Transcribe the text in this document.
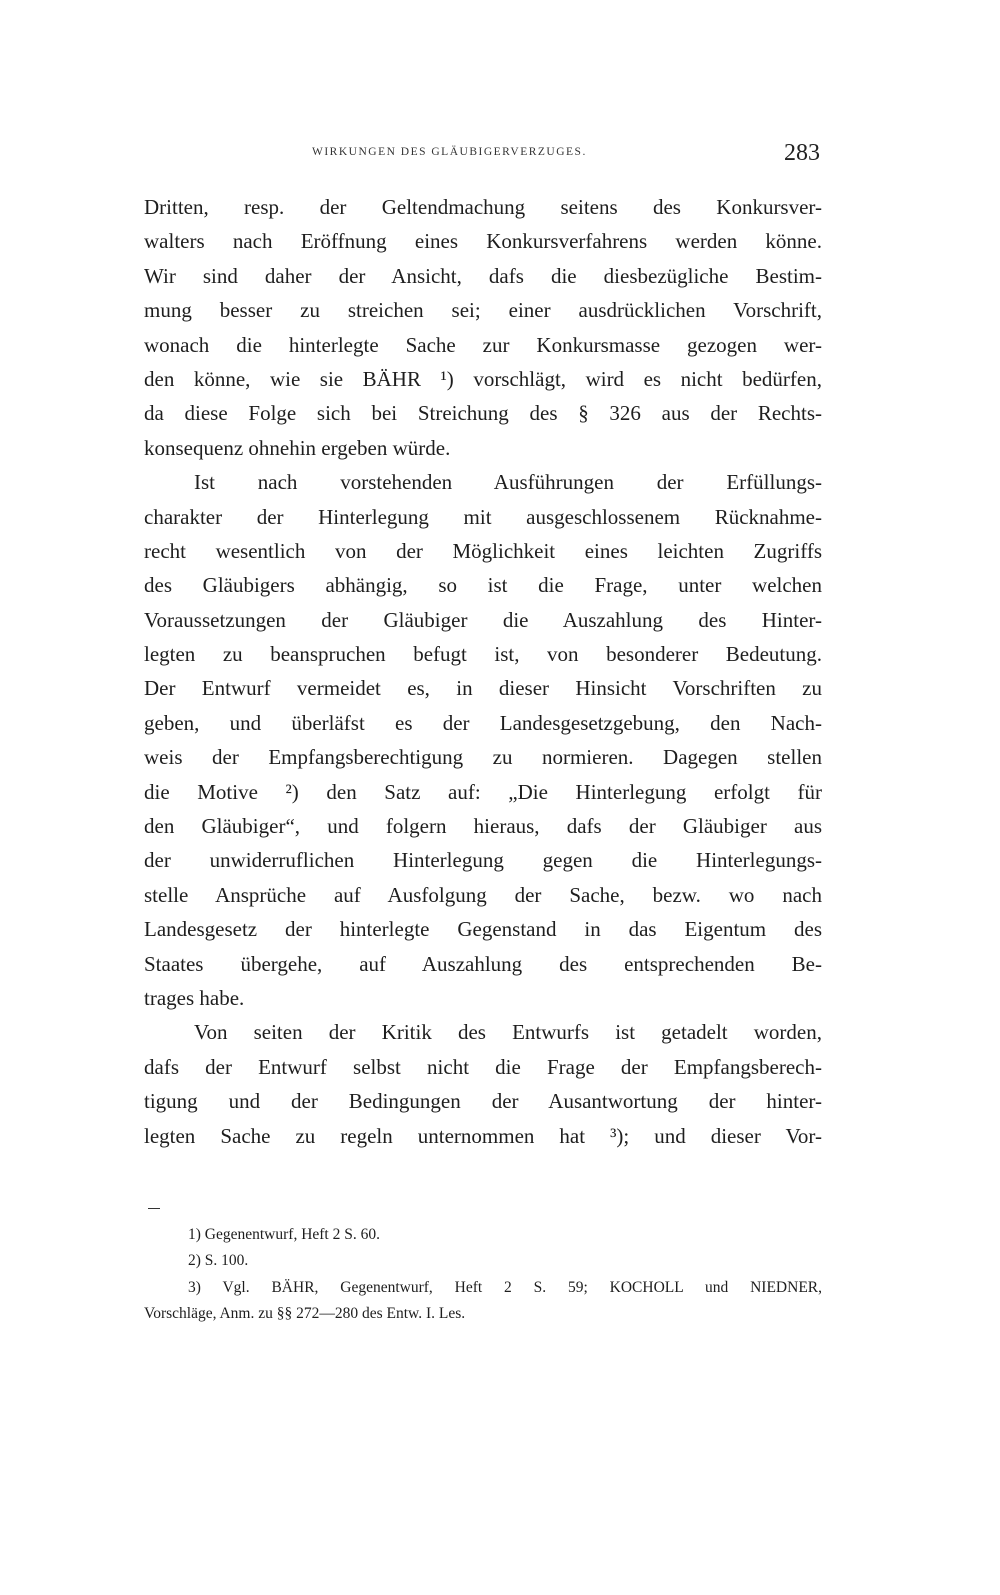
WIRKUNGEN DES GLÄUBIGERVERZUGES.	283
Dritten, resp. der Geltendmachung seitens des Konkursver-
walters nach Eröffnung eines Konkursverfahrens werden könne.
Wir sind daher der Ansicht, dafs die diesbezügliche Bestim-
mung besser zu streichen sei; einer ausdrücklichen Vorschrift,
wonach die hinterlegte Sache zur Konkursmasse gezogen wer-
den könne, wie sie BÄHR ¹) vorschlägt, wird es nicht bedürfen,
da diese Folge sich bei Streichung des § 326 aus der Rechts-
konsequenz ohnehin ergeben würde.
Ist nach vorstehenden Ausführungen der Erfüllungs-
charakter der Hinterlegung mit ausgeschlossenem Rücknahme-
recht wesentlich von der Möglichkeit eines leichten Zugriffs
des Gläubigers abhängig, so ist die Frage, unter welchen
Voraussetzungen der Gläubiger die Auszahlung des Hinter-
legten zu beanspruchen befugt ist, von besonderer Bedeutung.
Der Entwurf vermeidet es, in dieser Hinsicht Vorschriften zu
geben, und überläfst es der Landesgesetzgebung, den Nach-
weis der Empfangsberechtigung zu normieren. Dagegen stellen
die Motive ²) den Satz auf: „Die Hinterlegung erfolgt für
den Gläubiger“, und folgern hieraus, dafs der Gläubiger aus
der unwiderruflichen Hinterlegung gegen die Hinterlegungs-
stelle Ansprüche auf Ausfolgung der Sache, bezw. wo nach
Landesgesetz der hinterlegte Gegenstand in das Eigentum des
Staates übergehe, auf Auszahlung des entsprechenden Be-
trages habe.
Von seiten der Kritik des Entwurfs ist getadelt worden,
dafs der Entwurf selbst nicht die Frage der Empfangsberech-
tigung und der Bedingungen der Ausantwortung der hinter-
legten Sache zu regeln unternommen hat ³); und dieser Vor-
1) Gegenentwurf, Heft 2 S. 60.
2) S. 100.
3) Vgl. BÄHR, Gegenentwurf, Heft 2 S. 59; KOCHOLL und NIEDNER,
Vorschläge, Anm. zu §§ 272—280 des Entw. I. Les.
